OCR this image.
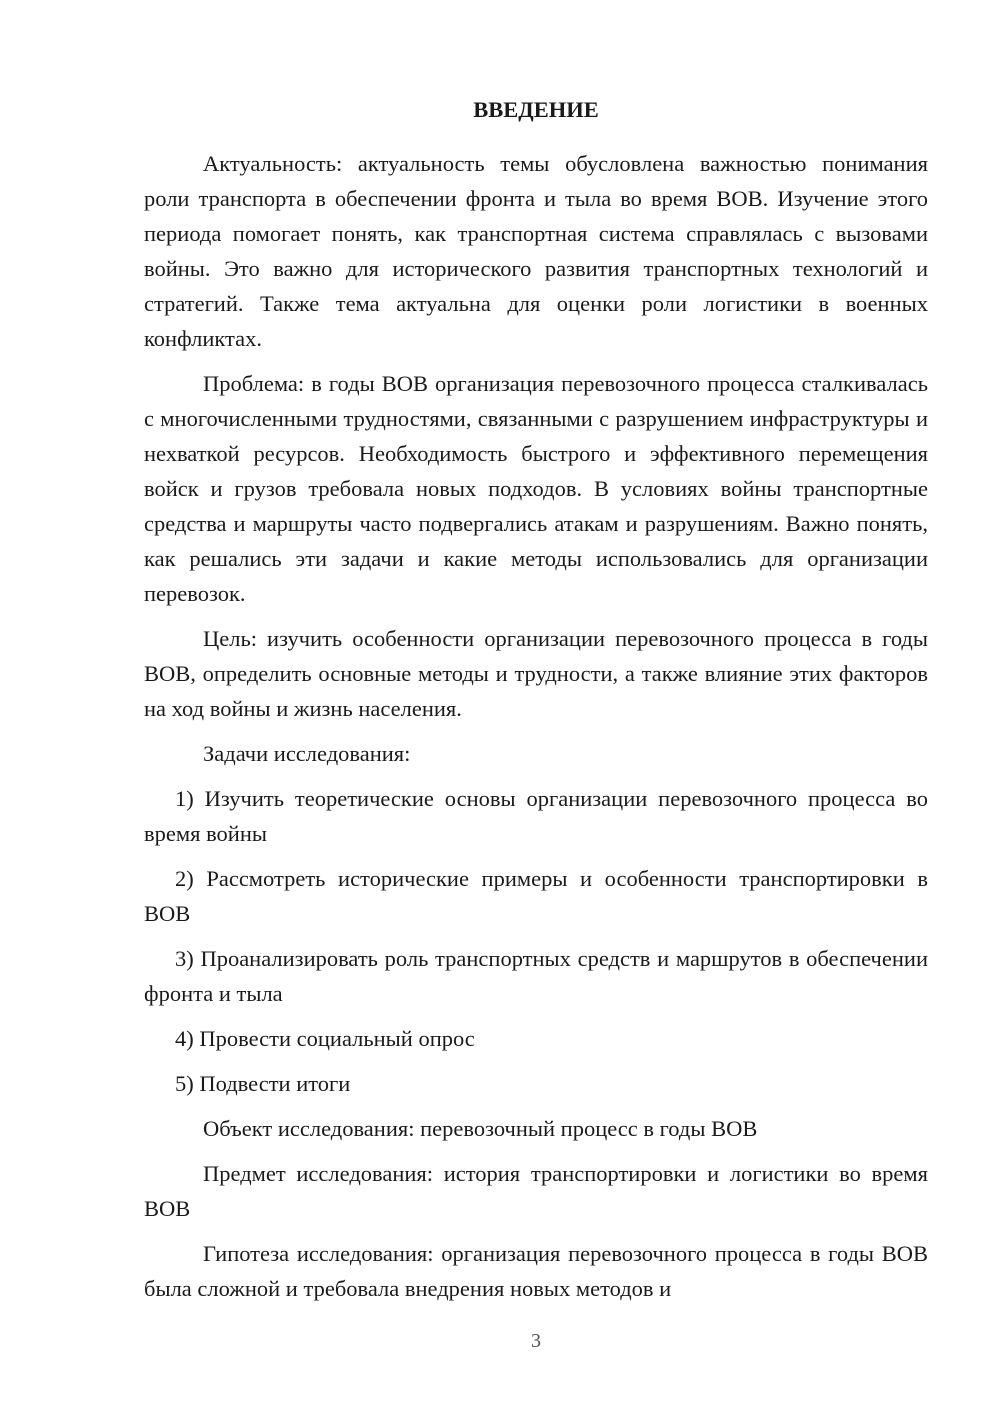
ВВЕДЕНИЕ

Актуальность: актуальность темы обусловлена важностью понимания роли транспорта в обеспечении фронта и тыла во время ВОВ. Изучение этого периода помогает понять, как транспортная система справлялась с вызовами войны. Это важно для исторического развития транспортных технологий и стратегий. Также тема актуальна для оценки роли логистики в военных конфликтах.

Проблема: в годы ВОВ организация перевозочного процесса сталкивалась с многочисленными трудностями, связанными с разрушением инфраструктуры и нехваткой ресурсов. Необходимость быстрого и эффективного перемещения войск и грузов требовала новых подходов. В условиях войны транспортные средства и маршруты часто подвергались атакам и разрушениям. Важно понять, как решались эти задачи и какие методы использовались для организации перевозок.

Цель: изучить особенности организации перевозочного процесса в годы ВОВ, определить основные методы и трудности, а также влияние этих факторов на ход войны и жизнь населения.

Задачи исследования:

1) Изучить теоретические основы организации перевозочного процесса во время войны

2) Рассмотреть исторические примеры и особенности транспортировки в ВОВ

3) Проанализировать роль транспортных средств и маршрутов в обеспечении фронта и тыла

4) Провести социальный опрос

5) Подвести итоги

Объект исследования: перевозочный процесс в годы ВОВ

Предмет исследования: история транспортировки и логистики во время ВОВ

Гипотеза исследования: организация перевозочного процесса в годы ВОВ была сложной и требовала внедрения новых методов и

3
